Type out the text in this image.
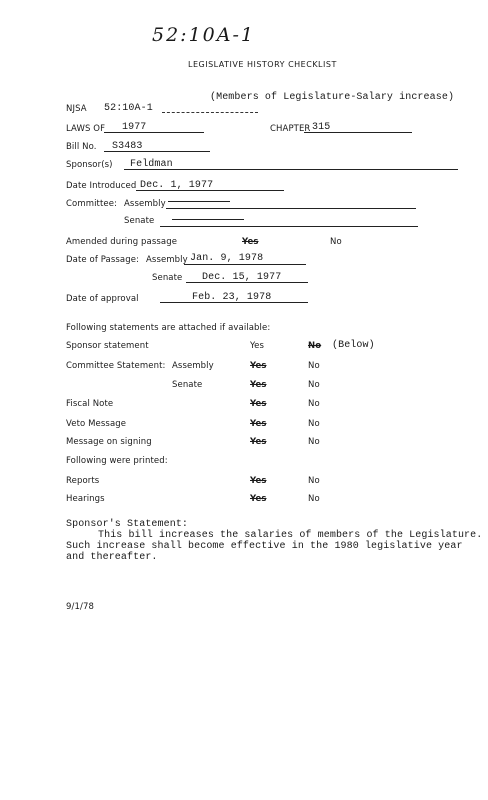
52:10A-1
LEGISLATIVE HISTORY CHECKLIST
(Members of Legislature-Salary increase)
NJSA 52:10A-1
LAWS OF 1977	CHAPTER 315
Bill No. S3483
Sponsor(s) Feldman
Date Introduced Dec. 1, 1977
Committee: Assembly
Senate
Amended during passage	Yes	No
Date of Passage: Assembly Jan. 9, 1978
Senate Dec. 15, 1977
Date of approval	Feb. 23, 1978
Following statements are attached if available:
Sponsor statement	Yes	No (Below)
Committee Statement: Assembly	Yes	No
Senate	Yes	No
Fiscal Note	Yes	No
Veto Message	Yes	No
Message on signing	Yes	No
Following were printed:
Reports	Yes	No
Hearings	Yes	No
Sponsor's Statement:
This bill increases the salaries of members of the Legislature.
Such increase shall become effective in the 1980 legislative year
and thereafter.
9/1/78
